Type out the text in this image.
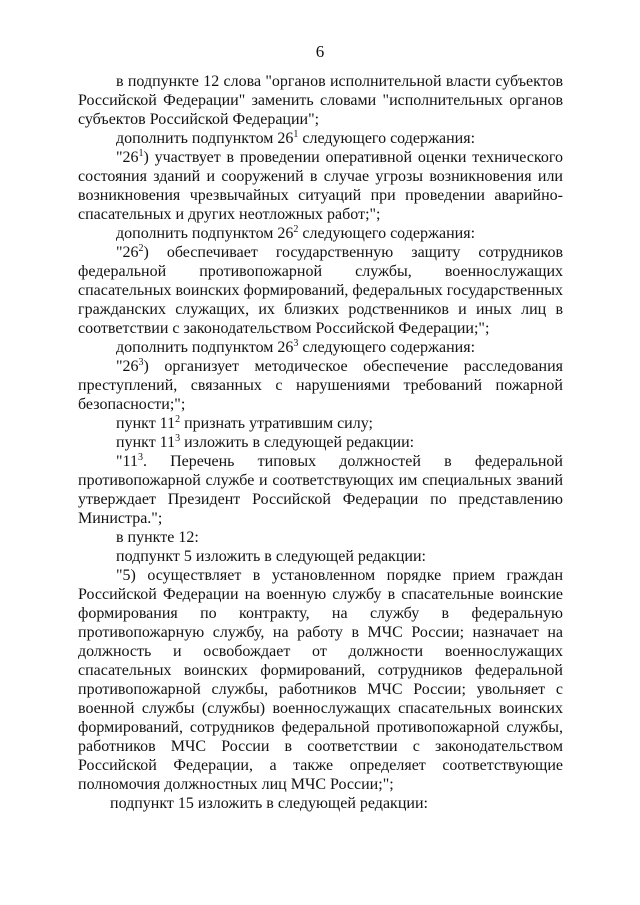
6

в подпункте 12 слова "органов исполнительной власти субъектов Российской Федерации" заменить словами "исполнительных органов субъектов Российской Федерации";

дополнить подпунктом $26^1$ следующего содержания:

"$26^1$) участвует в проведении оперативной оценки технического состояния зданий и сооружений в случае угрозы возникновения или возникновения чрезвычайных ситуаций при проведении аварийно-спасательных и других неотложных работ;";

дополнить подпунктом $26^2$ следующего содержания:

"$26^2$) обеспечивает государственную защиту сотрудников федеральной противопожарной службы, военнослужащих спасательных воинских формирований, федеральных государственных гражданских служащих, их близких родственников и иных лиц в соответствии с законодательством Российской Федерации;";

дополнить подпунктом $26^3$ следующего содержания:

"$26^3$) организует методическое обеспечение расследования преступлений, связанных с нарушениями требований пожарной безопасности;";

пункт $11^2$ признать утратившим силу;

пункт $11^3$ изложить в следующей редакции:

"$11^3$. Перечень типовых должностей в федеральной противопожарной службе и соответствующих им специальных званий утверждает Президент Российской Федерации по представлению Министра.";

в пункте 12:

подпункт 5 изложить в следующей редакции:

"5) осуществляет в установленном порядке прием граждан Российской Федерации на военную службу в спасательные воинские формирования по контракту, на службу в федеральную противопожарную службу, на работу в МЧС России; назначает на должность и освобождает от должности военнослужащих спасательных воинских формирований, сотрудников федеральной противопожарной службы, работников МЧС России; увольняет с военной службы (службы) военнослужащих спасательных воинских формирований, сотрудников федеральной противопожарной службы, работников МЧС России в соответствии с законодательством Российской Федерации, а также определяет соответствующие полномочия должностных лиц МЧС России;";

подпункт 15 изложить в следующей редакции:
